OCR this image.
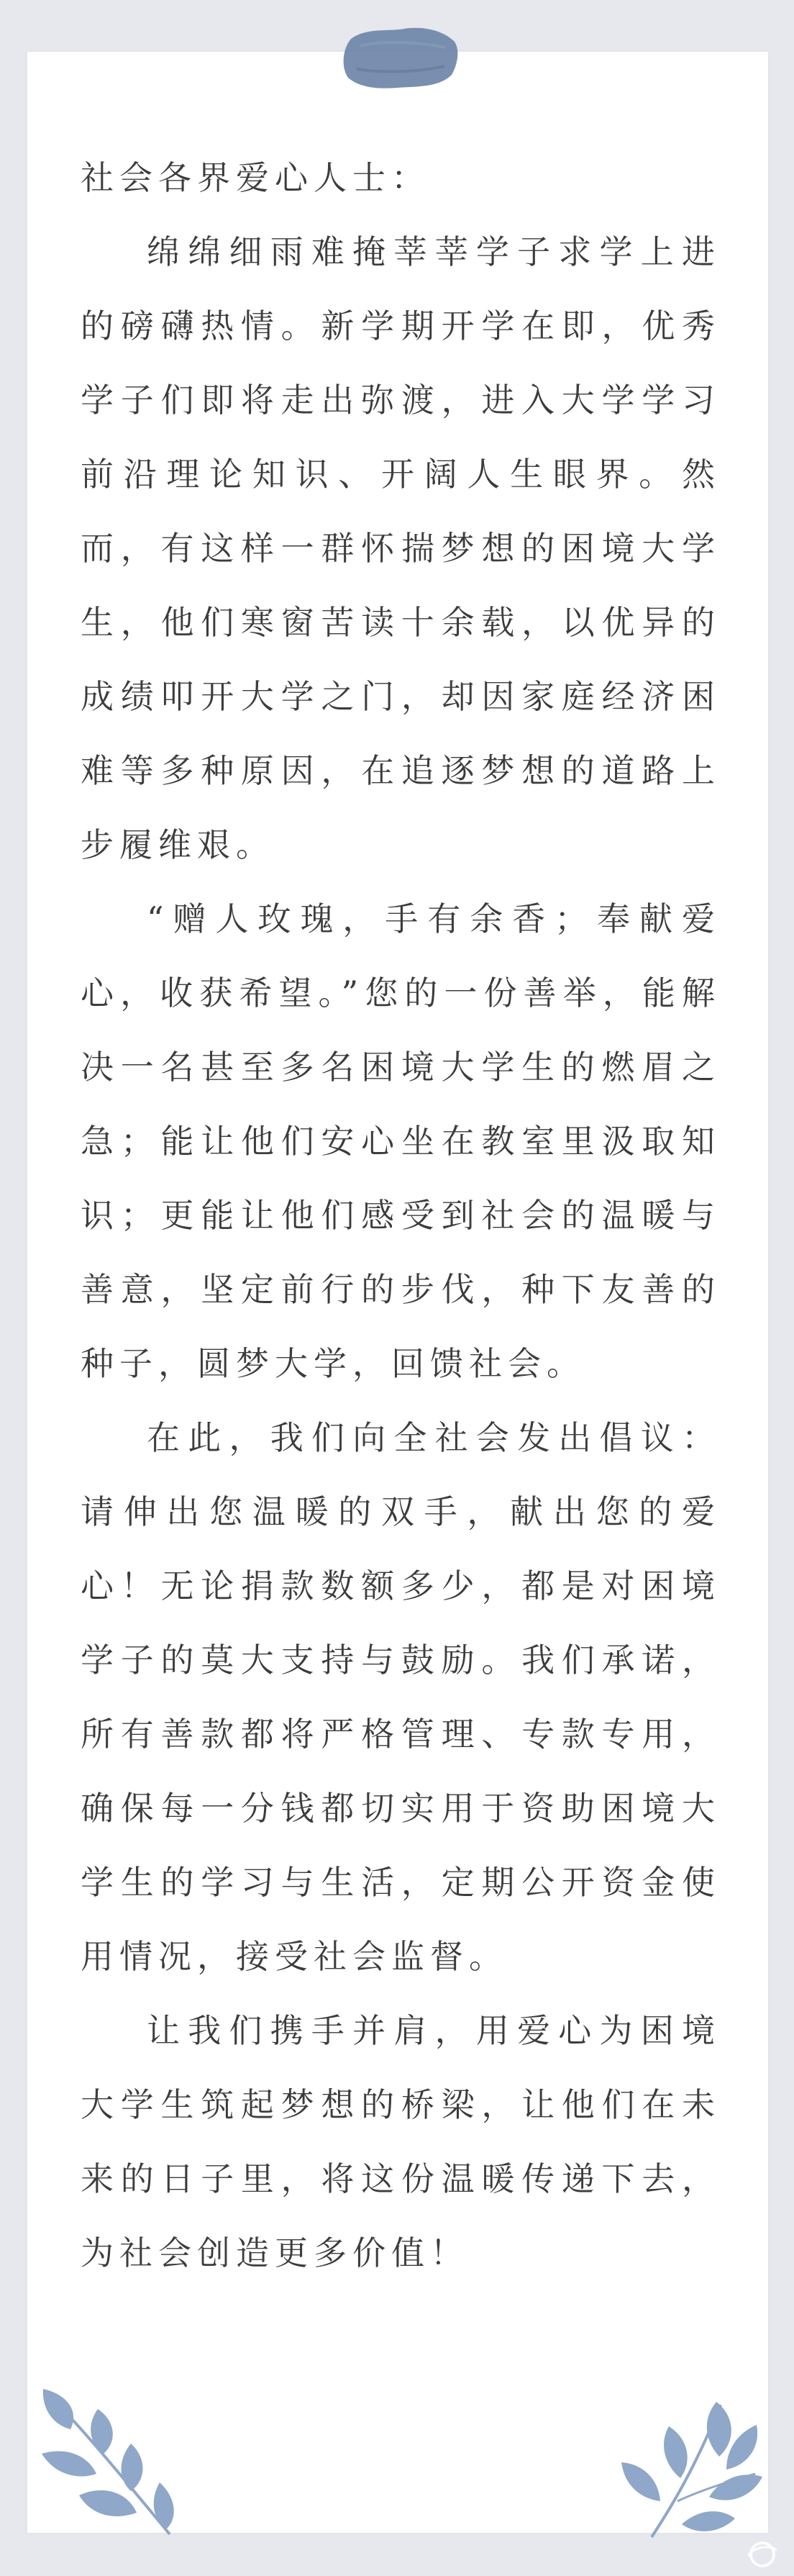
社会各界爱心人士：

绵绵细雨难掩莘莘学子求学上进的磅礴热情。新学期开学在即，优秀学子们即将走出弥渡，进入大学学习前沿理论知识、开阔人生眼界。然而，有这样一群怀揣梦想的困境大学生，他们寒窗苦读十余载，以优异的成绩叩开大学之门，却因家庭经济困难等多种原因，在追逐梦想的道路上步履维艰。

“赠人玫瑰，手有余香；奉献爱心，收获希望。”您的一份善举，能解决一名甚至多名困境大学生的燃眉之急；能让他们安心坐在教室里汲取知识；更能让他们感受到社会的温暖与善意，坚定前行的步伐，种下友善的种子，圆梦大学，回馈社会。

在此，我们向全社会发出倡议：请伸出您温暖的双手，献出您的爱心！无论捐款数额多少，都是对困境学子的莫大支持与鼓励。我们承诺，所有善款都将严格管理、专款专用，确保每一分钱都切实用于资助困境大学生的学习与生活，定期公开资金使用情况，接受社会监督。

让我们携手并肩，用爱心为困境大学生筑起梦想的桥梁，让他们在未来的日子里，将这份温暖传递下去，为社会创造更多价值！
